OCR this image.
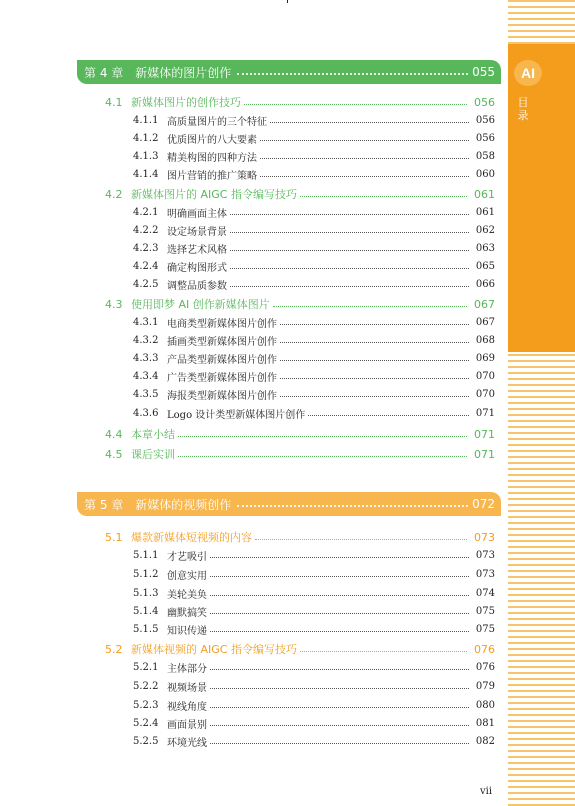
AI
目录
第 4 章 新媒体的图片创作	055
4.1 新媒体图片的创作技巧	056
4.1.1 高质量图片的三个特征	056
4.1.2 优质图片的八大要素	056
4.1.3 精美构图的四种方法	058
4.1.4 图片营销的推广策略	060
4.2 新媒体图片的 AIGC 指令编写技巧	061
4.2.1 明确画面主体	061
4.2.2 设定场景背景	062
4.2.3 选择艺术风格	063
4.2.4 确定构图形式	065
4.2.5 调整品质参数	066
4.3 使用即梦 AI 创作新媒体图片	067
4.3.1 电商类型新媒体图片创作	067
4.3.2 插画类型新媒体图片创作	068
4.3.3 产品类型新媒体图片创作	069
4.3.4 广告类型新媒体图片创作	070
4.3.5 海报类型新媒体图片创作	070
4.3.6 Logo 设计类型新媒体图片创作	071
4.4 本章小结	071
4.5 课后实训	071
第 5 章 新媒体的视频创作	072
5.1 爆款新媒体短视频的内容	073
5.1.1 才艺吸引	073
5.1.2 创意实用	073
5.1.3 美轮美奂	074
5.1.4 幽默搞笑	075
5.1.5 知识传递	075
5.2 新媒体视频的 AIGC 指令编写技巧	076
5.2.1 主体部分	076
5.2.2 视频场景	079
5.2.3 视线角度	080
5.2.4 画面景别	081
5.2.5 环境光线	082
vii
